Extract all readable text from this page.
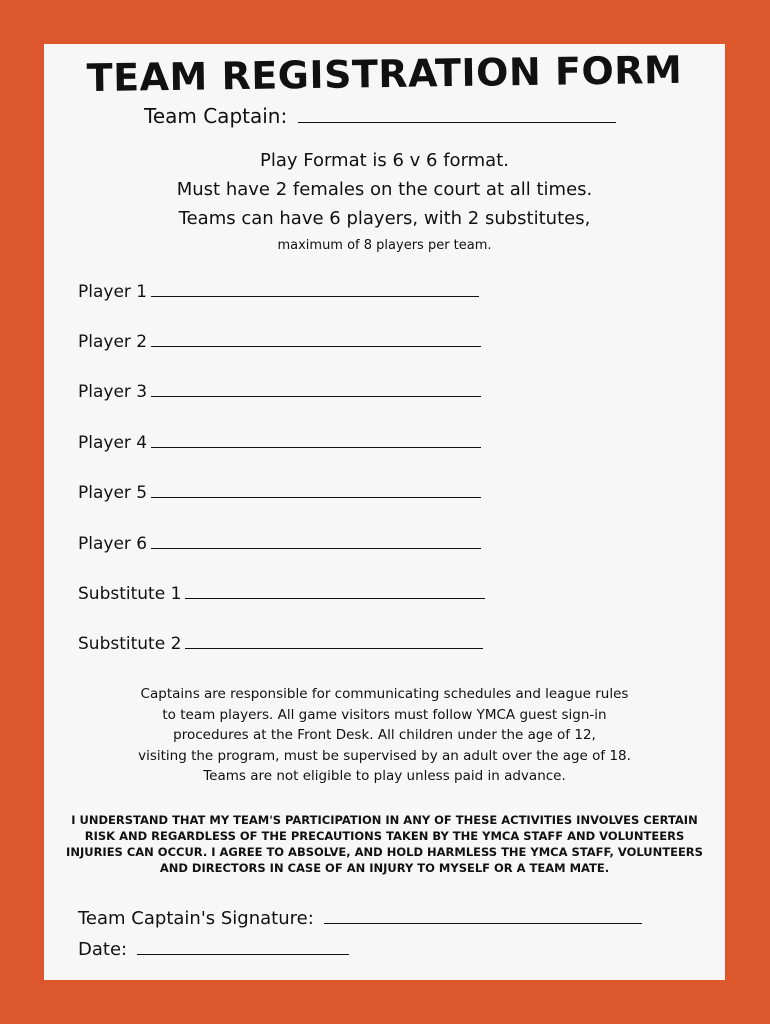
TEAM REGISTRATION FORM
Team Captain:
Play Format is 6 v 6 format.
Must have 2 females on the court at all times.
Teams can have 6 players, with 2 substitutes,
maximum of 8 players per team.
Player 1
Player 2
Player 3
Player 4
Player 5
Player 6
Substitute 1
Substitute 2
Captains are responsible for communicating schedules and league rules
to team players. All game visitors must follow YMCA guest sign-in
procedures at the Front Desk. All children under the age of 12,
visiting the program, must be supervised by an adult over the age of 18.
Teams are not eligible to play unless paid in advance.
I UNDERSTAND THAT MY TEAM'S PARTICIPATION IN ANY OF THESE ACTIVITIES INVOLVES CERTAIN
RISK AND REGARDLESS OF THE PRECAUTIONS TAKEN BY THE YMCA STAFF AND VOLUNTEERS
INJURIES CAN OCCUR. I AGREE TO ABSOLVE, AND HOLD HARMLESS THE YMCA STAFF, VOLUNTEERS
AND DIRECTORS IN CASE OF AN INJURY TO MYSELF OR A TEAM MATE.
Team Captain's Signature:
Date:
